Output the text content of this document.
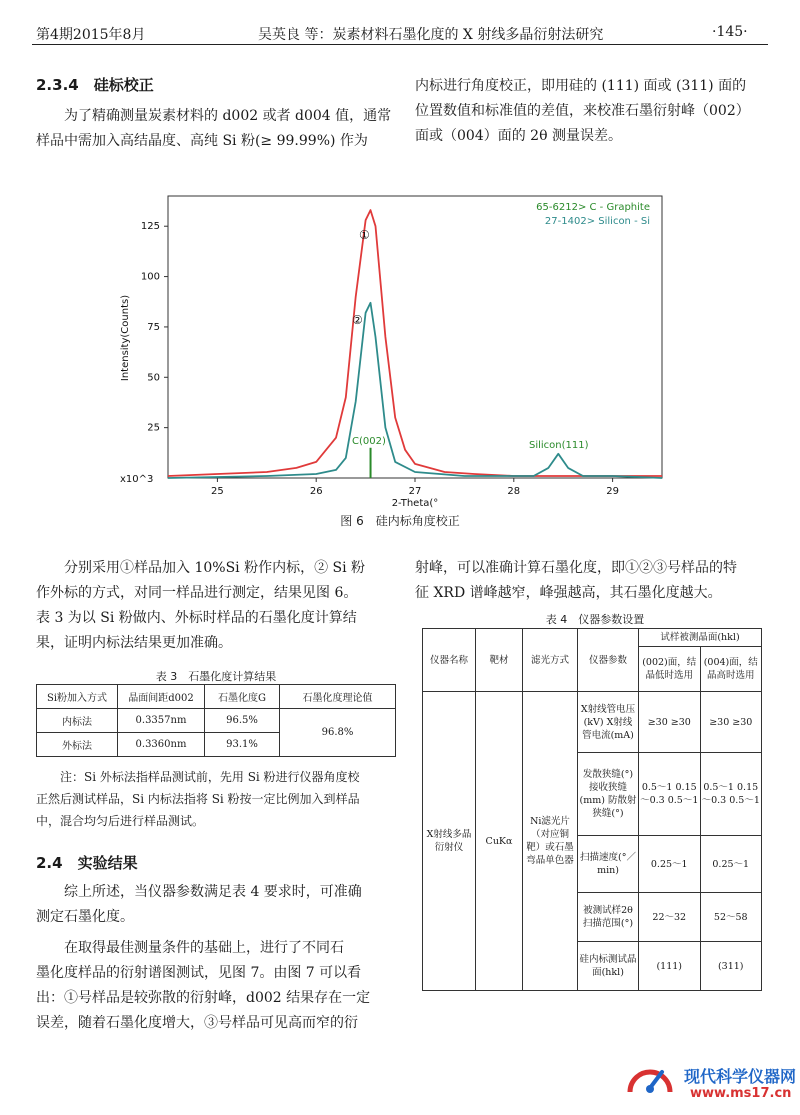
第4期2015年8月	吴英良 等：炭素材料石墨化度的 X 射线多晶衍射法研究	·145·
2.3.4　硅标校正

为了精确测量炭素材料的 d002 或者 d004 值，通常

样品中需加入高结晶度、高纯 Si 粉(≥ 99.99%) 作为

内标进行角度校正，即用硅的 (111) 面或 (311) 面的

位置数值和标准值的差值，来校准石墨衍射峰（002）

面或（004）面的 2θ 测量误差。

25	26	27	28	29
25
50
75
100
125
65-6212> C - Graphite
27-1402> Silicon - Si
①
②
C(002)	Silicon(111)
x10^3
2-Theta(°
Intensity(Counts)
图 6　硅内标角度校正

分别采用①样品加入 10%Si 粉作内标，② Si 粉

作外标的方式，对同一样品进行测定，结果见图 6。

表 3 为以 Si 粉做内、外标时样品的石墨化度计算结

果，证明内标法结果更加准确。

表 3　石墨化度计算结果
Si粉加入方式	晶面间距d002	石墨化度G	石墨化度理论值
内标法	0.3357nm	96.5%	96.8%
外标法	0.3360nm	93.1%	
注：Si 外标法指样品测试前，先用 Si 粉进行仪器角度校
正然后测试样品，Si 内标法指将 Si 粉按一定比例加入到样品
中，混合均匀后进行样品测试。
2.4　实验结果

综上所述，当仪器参数满足表 4 要求时，可准确

测定石墨化度。

在取得最佳测量条件的基础上，进行了不同石

墨化度样品的衍射谱图测试，见图 7。由图 7 可以看

出：①号样品是较弥散的衍射峰，d002 结果存在一定

误差，随着石墨化度增大，③号样品可见高而窄的衍

射峰，可以准确计算石墨化度，即①②③号样品的特

征 XRD 谱峰越窄，峰强越高，其石墨化度越大。

表 4　仪器参数设置
仪器名称	靶材	滤光方式	仪器参数	试样被测晶面(hkl)	
				(002)面，结晶低时选用	(004)面，结晶高时选用
X射线多晶衍射仪	CuKα	Ni滤光片（对应铜靶）或石墨弯晶单色器	X射线管电压(kV) X射线管电流(mA)	≥30 ≥30	≥30 ≥30
			发散狭缝(°) 接收狭缝(mm) 防散射狭缝(°)	0.5～1 0.15～0.3 0.5～1	0.5～1 0.15～0.3 0.5～1
			扫描速度(°／min)	0.25～1	0.25～1
			被测试样2θ扫描范围(°)	22～32	52～58
			硅内标测试晶面(hkl)	(111)	(311)
现代科学仪器网
www.ms17.cn
